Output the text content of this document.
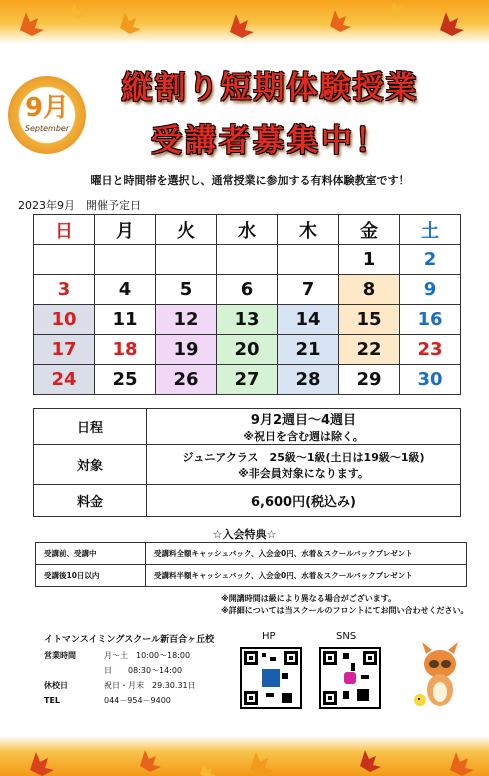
9月
September
縦割り短期体験授業
受講者募集中！
曜日と時間帯を選択し、通常授業に参加する有料体験教室です！
2023年9月　開催予定日
日	月	火	水	木	金	土
					1	2
3	4	5	6	7	8	9
10	11	12	13	14	15	16
17	18	19	20	21	22	23
24	25	26	27	28	29	30
日程	9月2週目〜4週目
※祝日を含む週は除く。

対象	ジュニアクラス　25級〜1級(土日は19級〜1級)
※非会員対象になります。

料金	6,600円(税込み)
☆入会特典☆
受講前、受講中	受講料全額キャッシュバック、入会金0円、水着＆スクールバックプレゼント
受講後10日以内	受講料半額キャッシュバック、入会金0円、水着＆スクールバックプレゼント
※開講時間は級により異なる場合がございます。
※詳細については当スクールのフロントにてお問い合わせください。
イトマンスイミングスクール新百合ヶ丘校
営業時間	月〜土　10:00〜18:00
日　　08:30〜14:00
休校日	祝日・月末　29.30.31日
TEL	044－954－9400
HP	SNS
